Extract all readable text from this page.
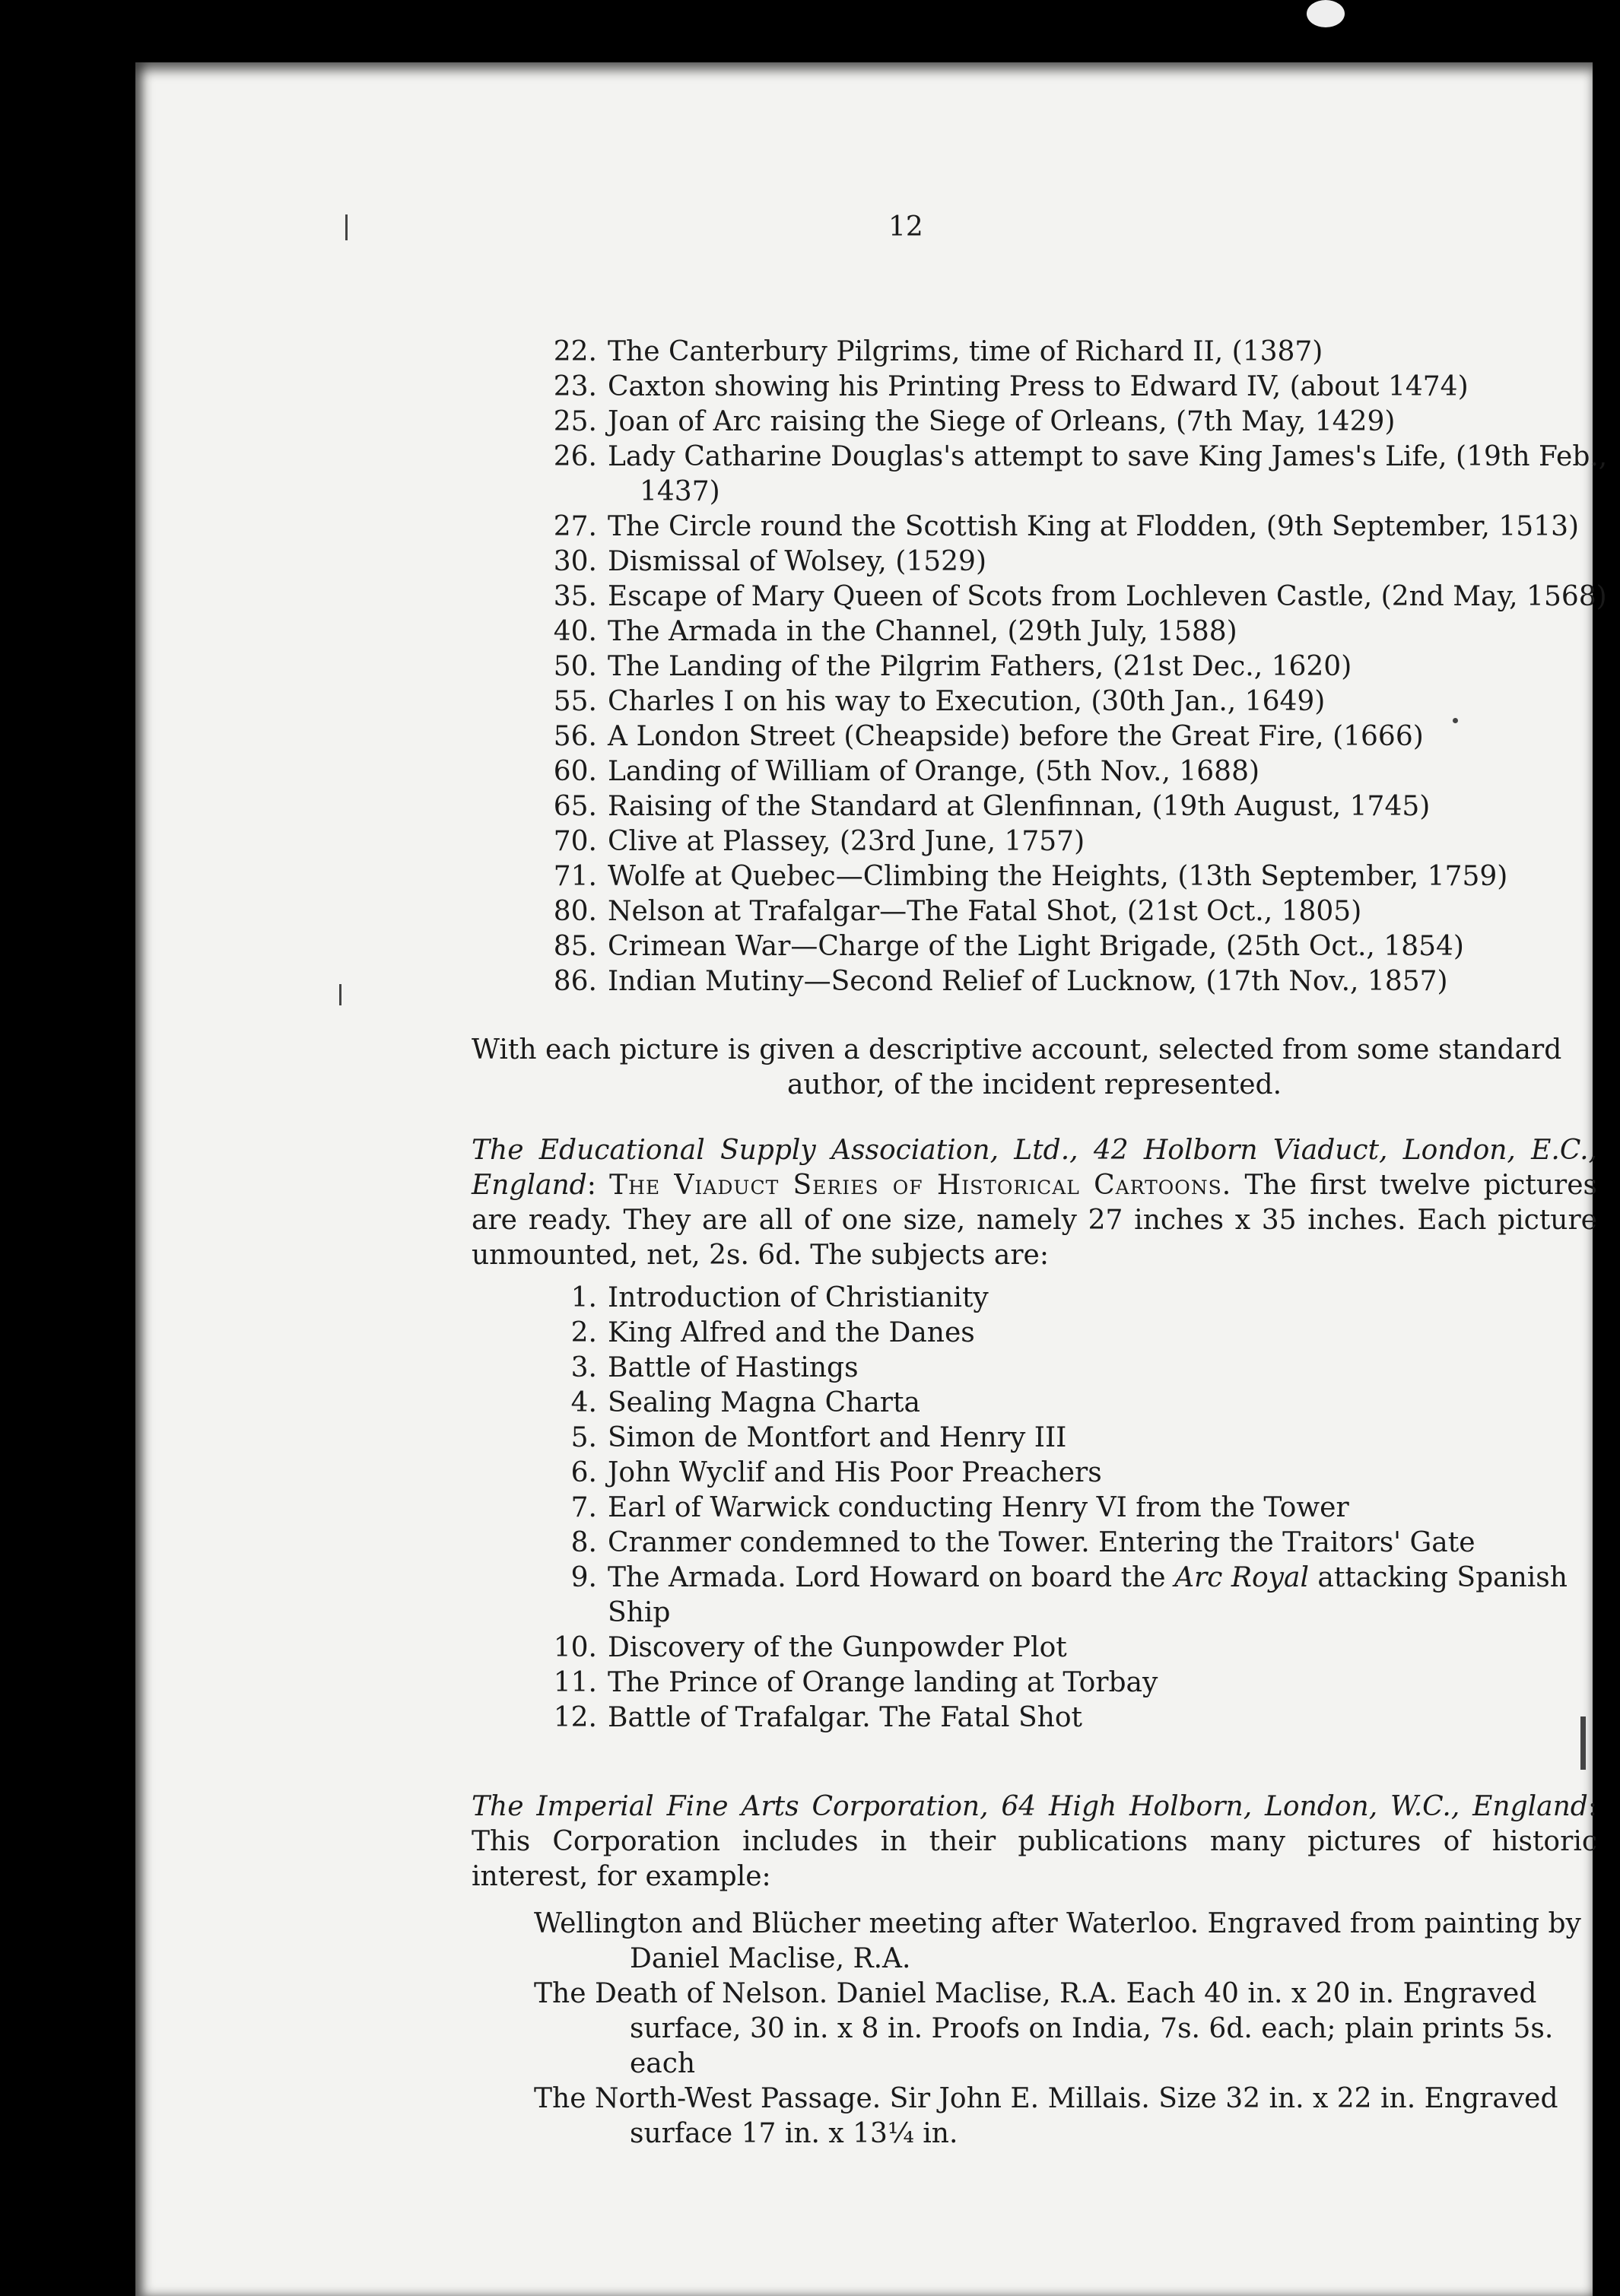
12
22. The Canterbury Pilgrims, time of Richard II, (1387)
23. Caxton showing his Printing Press to Edward IV, (about 1474)
25. Joan of Arc raising the Siege of Orleans, (7th May, 1429)
26. Lady Catharine Douglas's attempt to save King James's Life, (19th Feb.,
1437)
27. The Circle round the Scottish King at Flodden, (9th September, 1513)
30. Dismissal of Wolsey, (1529)
35. Escape of Mary Queen of Scots from Lochleven Castle, (2nd May, 1568)
40. The Armada in the Channel, (29th July, 1588)
50. The Landing of the Pilgrim Fathers, (21st Dec., 1620)
55. Charles I on his way to Execution, (30th Jan., 1649)
56. A London Street (Cheapside) before the Great Fire, (1666)
60. Landing of William of Orange, (5th Nov., 1688)
65. Raising of the Standard at Glenfinnan, (19th August, 1745)
70. Clive at Plassey, (23rd June, 1757)
71. Wolfe at Quebec—Climbing the Heights, (13th September, 1759)
80. Nelson at Trafalgar—The Fatal Shot, (21st Oct., 1805)
85. Crimean War—Charge of the Light Brigade, (25th Oct., 1854)
86. Indian Mutiny—Second Relief of Lucknow, (17th Nov., 1857)
With each picture is given a descriptive account, selected from some standard
author, of the incident represented.
The Educational Supply Association, Ltd., 42 Holborn Viaduct, London, E.C., England: The Viaduct Series of Historical Cartoons. The first twelve pictures are ready. They are all of one size, namely 27 inches x 35 inches. Each picture unmounted, net, 2s. 6d. The subjects are:
1. Introduction of Christianity
2. King Alfred and the Danes
3. Battle of Hastings
4. Sealing Magna Charta
5. Simon de Montfort and Henry III
6. John Wyclif and His Poor Preachers
7. Earl of Warwick conducting Henry VI from the Tower
8. Cranmer condemned to the Tower. Entering the Traitors' Gate
9. The Armada. Lord Howard on board the Arc Royal attacking Spanish
Ship
10. Discovery of the Gunpowder Plot
11. The Prince of Orange landing at Torbay
12. Battle of Trafalgar. The Fatal Shot
The Imperial Fine Arts Corporation, 64 High Holborn, London, W.C., England: This Corporation includes in their publications many pictures of historic interest, for example:
Wellington and Blücher meeting after Waterloo. Engraved from painting by Daniel Maclise, R.A.
The Death of Nelson. Daniel Maclise, R.A. Each 40 in. x 20 in. Engraved surface, 30 in. x 8 in. Proofs on India, 7s. 6d. each; plain prints 5s. each
The North-West Passage. Sir John E. Millais. Size 32 in. x 22 in. Engraved surface 17 in. x 13¼ in.
